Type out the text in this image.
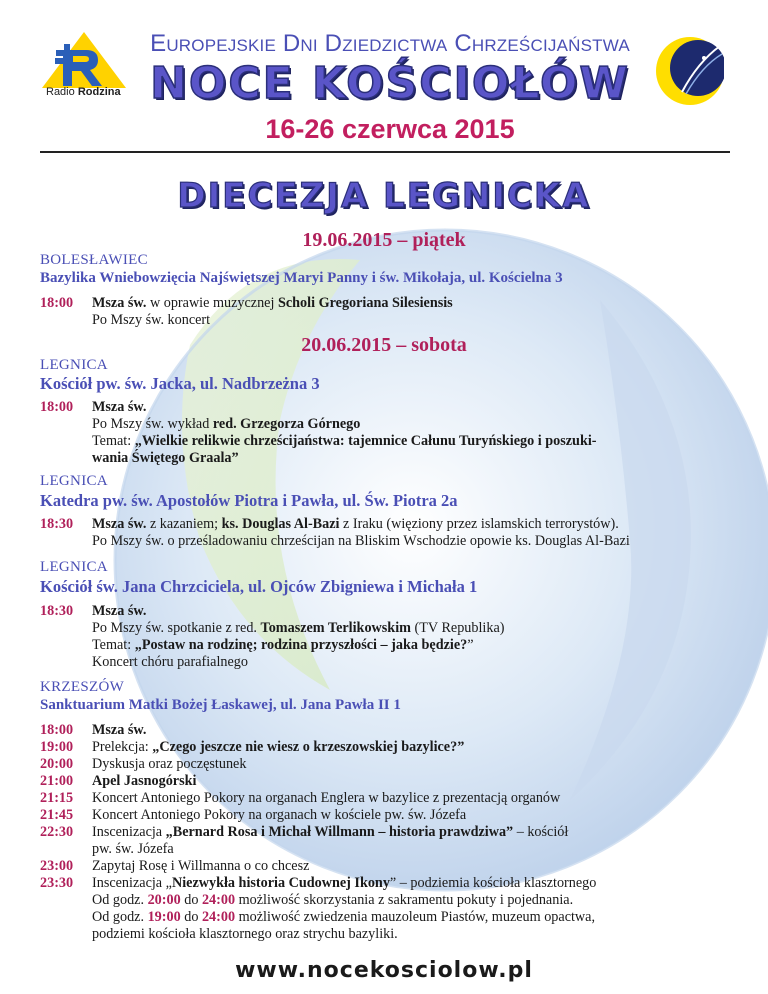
Radio Rodzina
Europejskie Dni Dziedzictwa Chrześcijaństwa
NOCE KOŚCIOŁÓW
16-26 czerwca 2015
DIECEZJA LEGNICKA
19.06.2015 – piątek
BOLESŁAWIEC
Bazylika Wniebowzięcia Najświętszej Maryi Panny i św. Mikołaja, ul. Kościelna 3
20.06.2015 – sobota
LEGNICA
Kościół pw. św. Jacka, ul. Nadbrzeżna 3
LEGNICA
Katedra pw. św. Apostołów Piotra i Pawła, ul. Św. Piotra 2a
LEGNICA
Kościół św. Jana Chrzciciela, ul. Ojców Zbigniewa i Michała 1
KRZESZÓW
Sanktuarium Matki Bożej Łaskawej, ul. Jana Pawła II 1
www.nocekosciolow.pl
18:00	Msza św. w oprawie muzycznej Scholi Gregoriana Silesiensis
Po Mszy św. koncert
18:00	Msza św.
Po Mszy św. wykład red. Grzegorza Górnego
Temat: „Wielkie relikwie chrześcijaństwa: tajemnice Całunu Turyńskiego i poszuki-
wania Świętego Graala”
18:30	Msza św. z kazaniem; ks. Douglas Al-Bazi z Iraku (więziony przez islamskich terrorystów).
Po Mszy św. o prześladowaniu chrześcijan na Bliskim Wschodzie opowie ks. Douglas Al-Bazi
18:30	Msza św.
Po Mszy św. spotkanie z red. Tomaszem Terlikowskim (TV Republika)
Temat: „Postaw na rodzinę; rodzina przyszłości – jaka będzie?”
Koncert chóru parafialnego
18:00	Msza św.
19:00	Prelekcja: „Czego jeszcze nie wiesz o krzeszowskiej bazylice?”
20:00	Dyskusja oraz poczęstunek
21:00	Apel Jasnogórski
21:15	Koncert Antoniego Pokory na organach Englera w bazylice z prezentacją organów
21:45	Koncert Antoniego Pokory na organach w kościele pw. św. Józefa
22:30	Inscenizacja „Bernard Rosa i Michał Willmann – historia prawdziwa” – kościół
pw. św. Józefa
23:00	Zapytaj Rosę i Willmanna o co chcesz
23:30	Inscenizacja „Niezwykła historia Cudownej Ikony” – podziemia kościoła klasztornego
Od godz. 20:00 do 24:00 możliwość skorzystania z sakramentu pokuty i pojednania.
Od godz. 19:00 do 24:00 możliwość zwiedzenia mauzoleum Piastów, muzeum opactwa,
podziemi kościoła klasztornego oraz strychu bazyliki.
